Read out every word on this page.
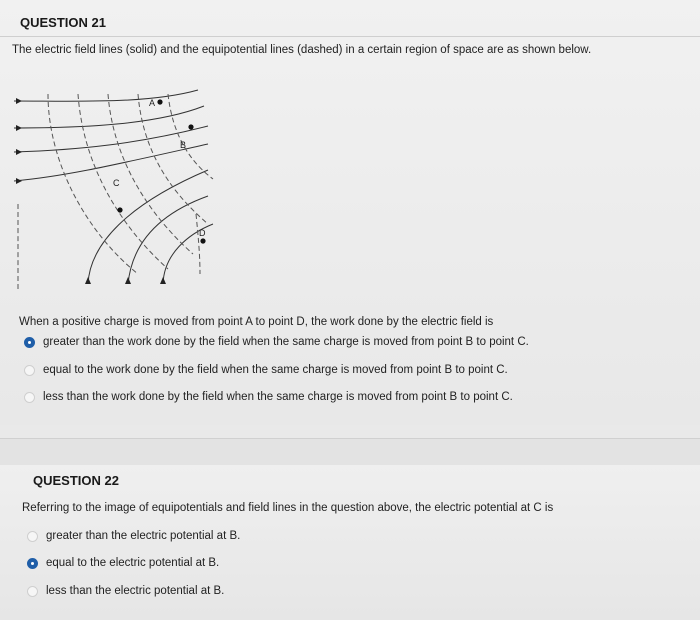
QUESTION 21
The electric field lines (solid) and the equipotential lines (dashed) in a certain region of space are as shown below.
A
B
C
D
When a positive charge is moved from point A to point D, the work done by the electric field is
greater than the work done by the field when the same charge is moved from point B to point C.
equal to the work done by the field when the same charge is moved from point B to point C.
less than the work done by the field when the same charge is moved from point B to point C.
QUESTION 22
Referring to the image of equipotentials and field lines in the question above, the electric potential at C is
greater than the electric potential at B.
equal to the electric potential at B.
less than the electric potential at B.
